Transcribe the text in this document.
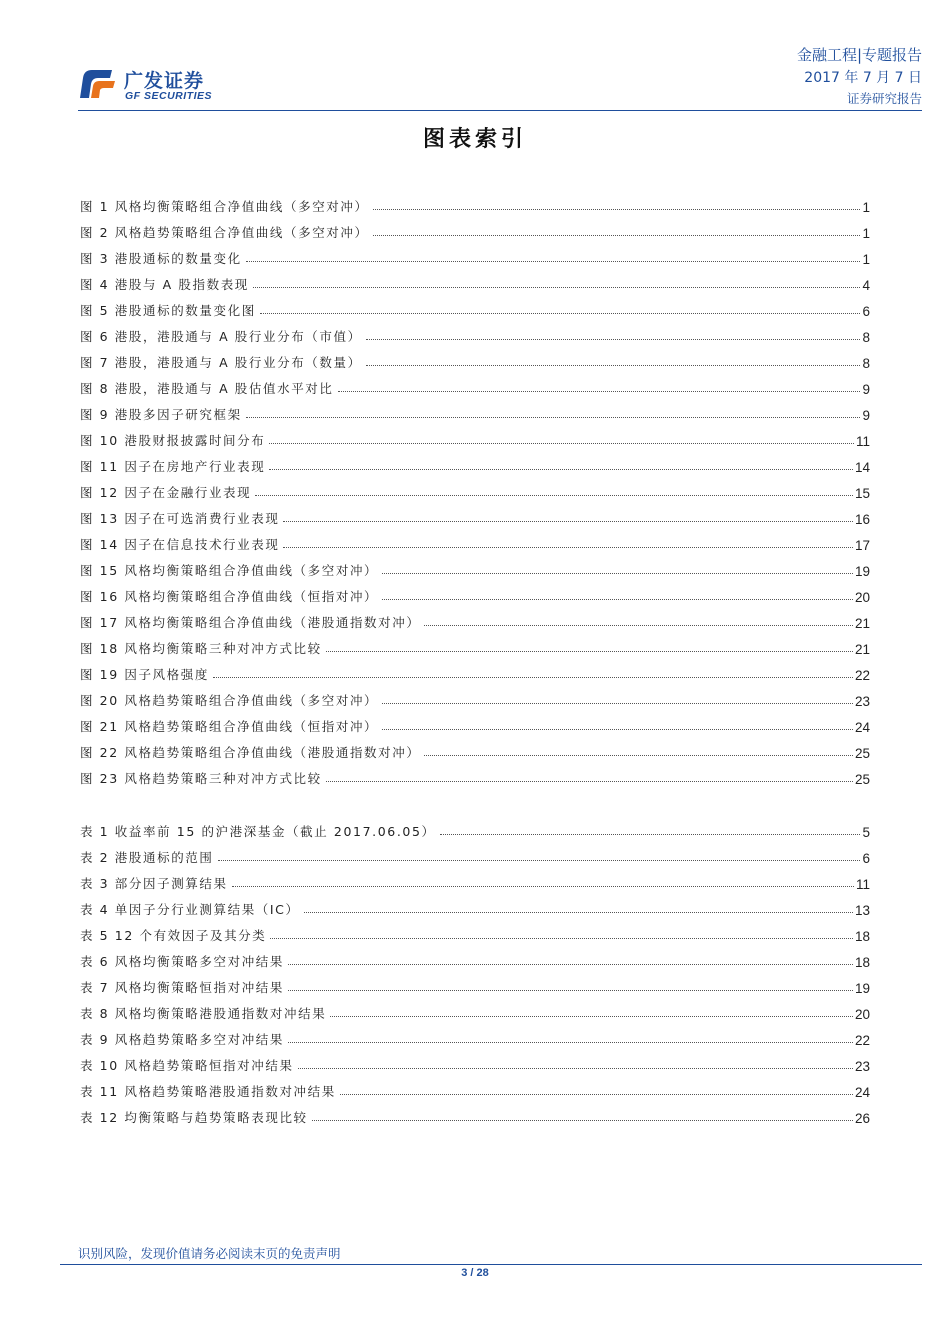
广发证券
GF SECURITIES
金融工程|专题报告
2017 年 7 月 7 日
证券研究报告
图表索引
图 1 风格均衡策略组合净值曲线（多空对冲）	1
图 2 风格趋势策略组合净值曲线（多空对冲）	1
图 3 港股通标的数量变化	1
图 4 港股与 A 股指数表现	4
图 5 港股通标的数量变化图	6
图 6 港股，港股通与 A 股行业分布（市值）	8
图 7 港股，港股通与 A 股行业分布（数量）	8
图 8 港股，港股通与 A 股估值水平对比	9
图 9 港股多因子研究框架	9
图 10 港股财报披露时间分布	11
图 11 因子在房地产行业表现	14
图 12 因子在金融行业表现	15
图 13 因子在可选消费行业表现	16
图 14 因子在信息技术行业表现	17
图 15 风格均衡策略组合净值曲线（多空对冲）	19
图 16 风格均衡策略组合净值曲线（恒指对冲）	20
图 17 风格均衡策略组合净值曲线（港股通指数对冲）	21
图 18 风格均衡策略三种对冲方式比较	21
图 19 因子风格强度	22
图 20 风格趋势策略组合净值曲线（多空对冲）	23
图 21 风格趋势策略组合净值曲线（恒指对冲）	24
图 22 风格趋势策略组合净值曲线（港股通指数对冲）	25
图 23 风格趋势策略三种对冲方式比较	25
表 1 收益率前 15 的沪港深基金（截止 2017.06.05）	5
表 2 港股通标的范围	6
表 3 部分因子测算结果	11
表 4 单因子分行业测算结果（IC）	13
表 5 12 个有效因子及其分类	18
表 6 风格均衡策略多空对冲结果	18
表 7 风格均衡策略恒指对冲结果	19
表 8 风格均衡策略港股通指数对冲结果	20
表 9 风格趋势策略多空对冲结果	22
表 10 风格趋势策略恒指对冲结果	23
表 11 风格趋势策略港股通指数对冲结果	24
表 12 均衡策略与趋势策略表现比较	26
识别风险，发现价值请务必阅读末页的免责声明
3 / 28
